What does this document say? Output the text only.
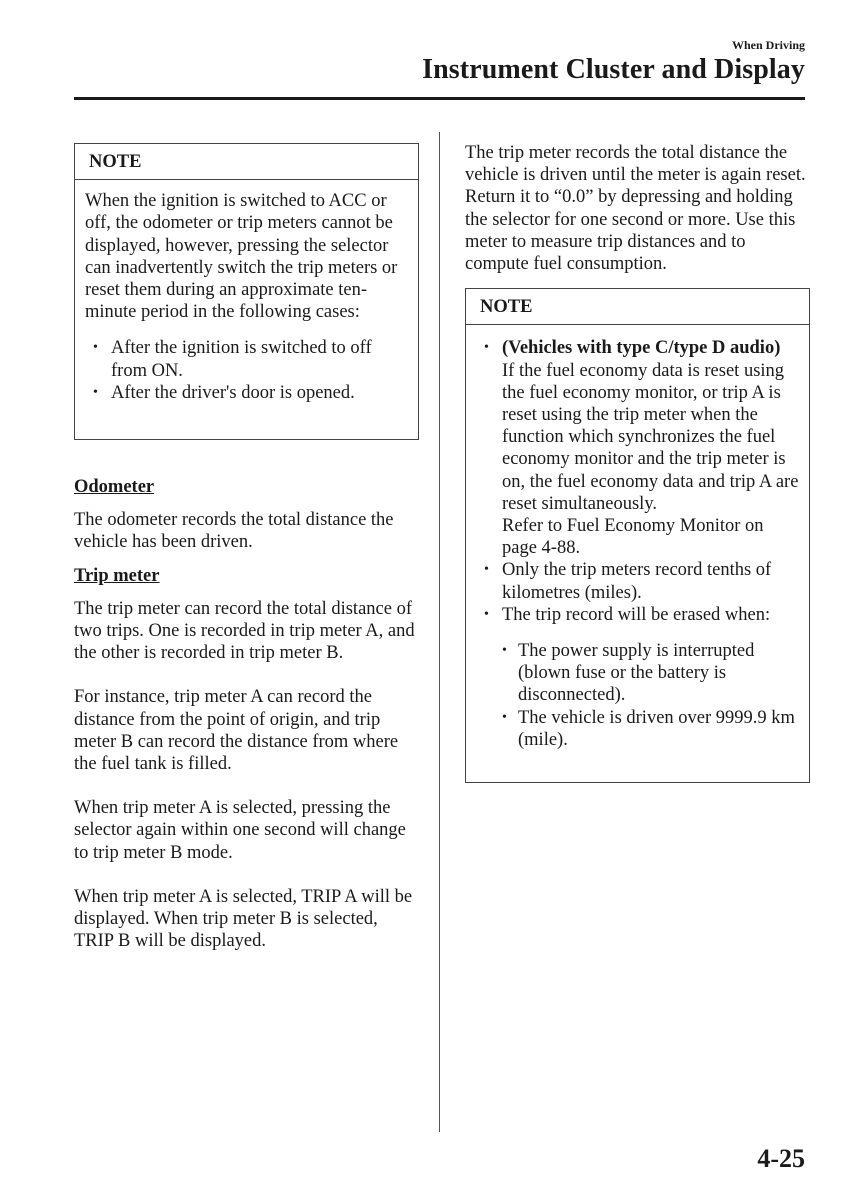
When Driving
Instrument Cluster and Display
NOTE

When the ignition is switched to ACC or off, the odometer or trip meters cannot be displayed, however, pressing the selector can inadvertently switch the trip meters or reset them during an approximate ten-minute period in the following cases:

• After the ignition is switched to off from ON.
• After the driver's door is opened.
Odometer

The odometer records the total distance the vehicle has been driven.

Trip meter

The trip meter can record the total distance of two trips. One is recorded in trip meter A, and the other is recorded in trip meter B.

For instance, trip meter A can record the distance from the point of origin, and trip meter B can record the distance from where the fuel tank is filled.

When trip meter A is selected, pressing the selector again within one second will change to trip meter B mode.

When trip meter A is selected, TRIP A will be displayed. When trip meter B is selected, TRIP B will be displayed.

The trip meter records the total distance the vehicle is driven until the meter is again reset. Return it to “0.0” by depressing and holding the selector for one second or more. Use this meter to measure trip distances and to compute fuel consumption.

NOTE
• (Vehicles with type C/type D audio)
If the fuel economy data is reset using the fuel economy monitor, or trip A is reset using the trip meter when the function which synchronizes the fuel economy monitor and the trip meter is on, the fuel economy data and trip A are reset simultaneously.
Refer to Fuel Economy Monitor on page 4-88.
• Only the trip meters record tenths of kilometres (miles).
• The trip record will be erased when:
• The power supply is interrupted (blown fuse or the battery is disconnected).
• The vehicle is driven over 9999.9 km (mile).
4-25
